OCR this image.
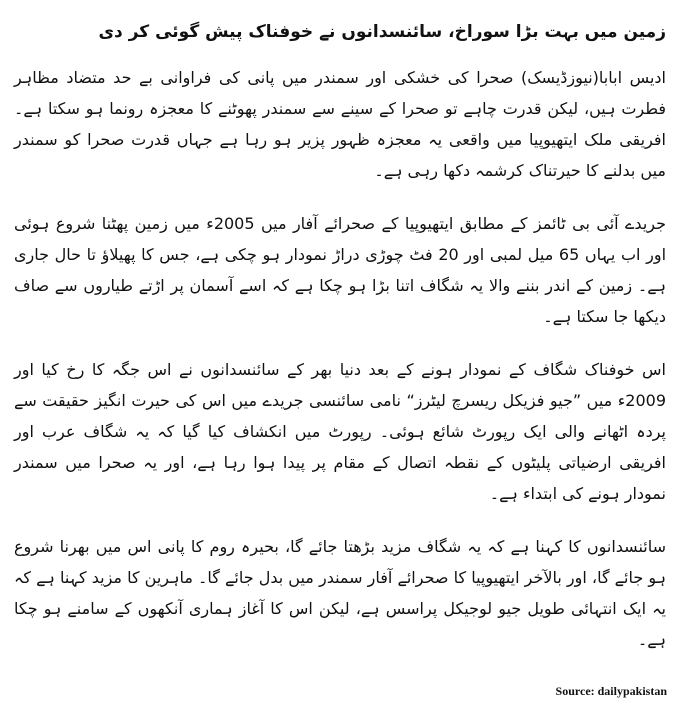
زمین میں بہت بڑا سوراخ، سائنسدانوں نے خوفناک پیش گوئی کر دی

ادیس ابابا(نیوزڈیسک) صحرا کی خشکی اور سمندر میں پانی کی فراوانی بے حد متضاد مظاہر فطرت ہیں، لیکن قدرت چاہے تو صحرا کے سینے سے سمندر پھوٹنے کا معجزہ رونما ہو سکتا ہے۔ افریقی ملک ایتھیوپیا میں واقعی یہ معجزہ ظہور پزیر ہو رہا ہے جہاں قدرت صحرا کو سمندر میں بدلنے کا حیرتناک کرشمہ دکھا رہی ہے۔

جریدے آئی بی ٹائمز کے مطابق ایتھیوپیا کے صحرائے آفار میں 2005ء میں زمین پھٹنا شروع ہوئی اور اب یہاں 65 میل لمبی اور 20 فٹ چوڑی دراڑ نمودار ہو چکی ہے، جس کا پھیلاؤ تا حال جاری ہے۔ زمین کے اندر بننے والا یہ شگاف اتنا بڑا ہو چکا ہے کہ اسے آسمان پر اڑتے طیاروں سے صاف دیکھا جا سکتا ہے۔

اس خوفناک شگاف کے نمودار ہونے کے بعد دنیا بھر کے سائنسدانوں نے اس جگہ کا رخ کیا اور 2009ء میں ”جیو فزیکل ریسرچ لیٹرز“ نامی سائنسی جریدے میں اس کی حیرت انگیز حقیقت سے پردہ اٹھانے والی ایک رپورٹ شائع ہوئی۔ رپورٹ میں انکشاف کیا گیا کہ یہ شگاف عرب اور افریقی ارضیاتی پلیٹوں کے نقطہ اتصال کے مقام پر پیدا ہوا رہا ہے، اور یہ صحرا میں سمندر نمودار ہونے کی ابتداء ہے۔

سائنسدانوں کا کہنا ہے کہ یہ شگاف مزید بڑھتا جائے گا، بحیرہ روم کا پانی اس میں بھرنا شروع ہو جائے گا، اور بالآخر ایتھیوپیا کا صحرائے آفار سمندر میں بدل جائے گا۔ ماہرین کا مزید کہنا ہے کہ یہ ایک انتہائی طویل جیو لوجیکل پراسس ہے، لیکن اس کا آغاز ہماری آنکھوں کے سامنے ہو چکا ہے۔

Source: dailypakistan
